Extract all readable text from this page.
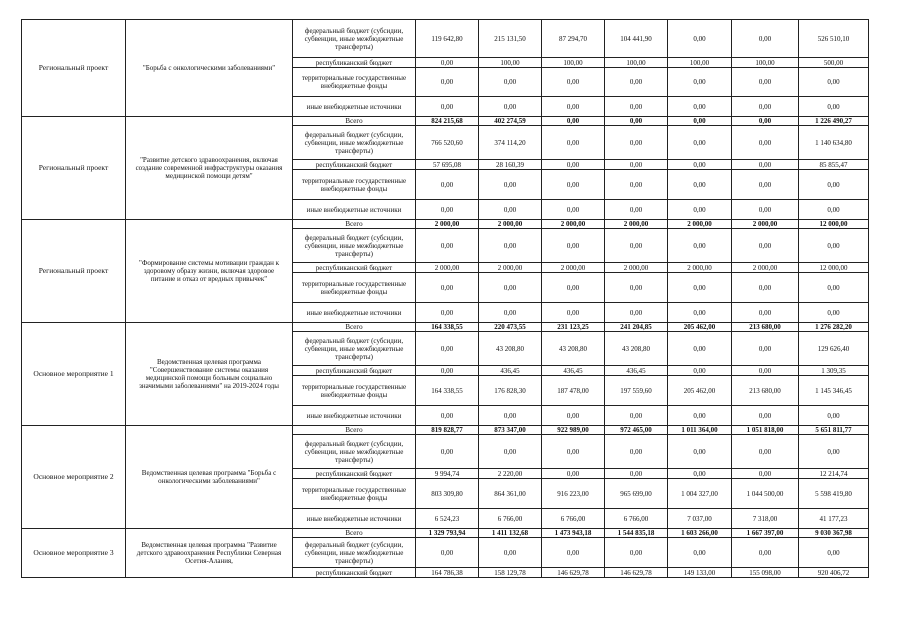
Региональный проект	"Борьба с онкологическими заболеваниями"	федеральный бюджет (субсидии, субвенции, иные межбюджетные трансферты)	119 642,80	215 131,50	87 294,70	104 441,90	0,00	0,00	526 510,10
		республиканский бюджет	0,00	100,00	100,00	100,00	100,00	100,00	500,00
		территориальные государственные внебюджетные фонды	0,00	0,00	0,00	0,00	0,00	0,00	0,00
		иные внебюджетные источники	0,00	0,00	0,00	0,00	0,00	0,00	0,00
Региональный проект	"Развитие детского здравоохранения, включая создание современной инфраструктуры оказания медицинской помощи детям"	Всего	824 215,68	402 274,59	0,00	0,00	0,00	0,00	1 226 490,27
		федеральный бюджет (субсидии, субвенции, иные межбюджетные трансферты)	766 520,60	374 114,20	0,00	0,00	0,00	0,00	1 140 634,80
		республиканский бюджет	57 695,08	28 160,39	0,00	0,00	0,00	0,00	85 855,47
		территориальные государственные внебюджетные фонды	0,00	0,00	0,00	0,00	0,00	0,00	0,00
		иные внебюджетные источники	0,00	0,00	0,00	0,00	0,00	0,00	0,00
Региональный проект	"Формирование системы мотивации граждан к здоровому образу жизни, включая здоровое питание и отказ от вредных привычек"	Всего	2 000,00	2 000,00	2 000,00	2 000,00	2 000,00	2 000,00	12 000,00
		федеральный бюджет (субсидии, субвенции, иные межбюджетные трансферты)	0,00	0,00	0,00	0,00	0,00	0,00	0,00
		республиканский бюджет	2 000,00	2 000,00	2 000,00	2 000,00	2 000,00	2 000,00	12 000,00
		территориальные государственные внебюджетные фонды	0,00	0,00	0,00	0,00	0,00	0,00	0,00
		иные внебюджетные источники	0,00	0,00	0,00	0,00	0,00	0,00	0,00
Основное мероприятие 1	Ведомственная целевая программа "Совершенствование системы оказания медицинской помощи больным социально значимыми заболеваниями" на 2019-2024 годы	Всего	164 338,55	220 473,55	231 123,25	241 204,85	205 462,00	213 680,00	1 276 282,20
		федеральный бюджет (субсидии, субвенции, иные межбюджетные трансферты)	0,00	43 208,80	43 208,80	43 208,80	0,00	0,00	129 626,40
		республиканский бюджет	0,00	436,45	436,45	436,45	0,00	0,00	1 309,35
		территориальные государственные внебюджетные фонды	164 338,55	176 828,30	187 478,00	197 559,60	205 462,00	213 680,00	1 145 346,45
		иные внебюджетные источники	0,00	0,00	0,00	0,00	0,00	0,00	0,00
Основное мероприятие 2	Ведомственная целевая программа "Борьба с онкологическими заболеваниями"	Всего	819 828,77	873 347,00	922 989,00	972 465,00	1 011 364,00	1 051 818,00	5 651 811,77
		федеральный бюджет (субсидии, субвенции, иные межбюджетные трансферты)	0,00	0,00	0,00	0,00	0,00	0,00	0,00
		республиканский бюджет	9 994,74	2 220,00	0,00	0,00	0,00	0,00	12 214,74
		территориальные государственные внебюджетные фонды	803 309,80	864 361,00	916 223,00	965 699,00	1 004 327,00	1 044 500,00	5 598 419,80
		иные внебюджетные источники	6 524,23	6 766,00	6 766,00	6 766,00	7 037,00	7 318,00	41 177,23
Основное мероприятие 3	Ведомственная целевая программа "Развитие детского здравоохранения Республики Северная Осетия-Алания,	Всего	1 329 793,94	1 411 132,68	1 473 943,18	1 544 835,18	1 603 266,00	1 667 397,00	9 030 367,98
		федеральный бюджет (субсидии, субвенции, иные межбюджетные трансферты)	0,00	0,00	0,00	0,00	0,00	0,00	0,00
		республиканский бюджет	164 786,38	158 129,78	146 629,78	146 629,78	149 133,00	155 098,00	920 406,72
